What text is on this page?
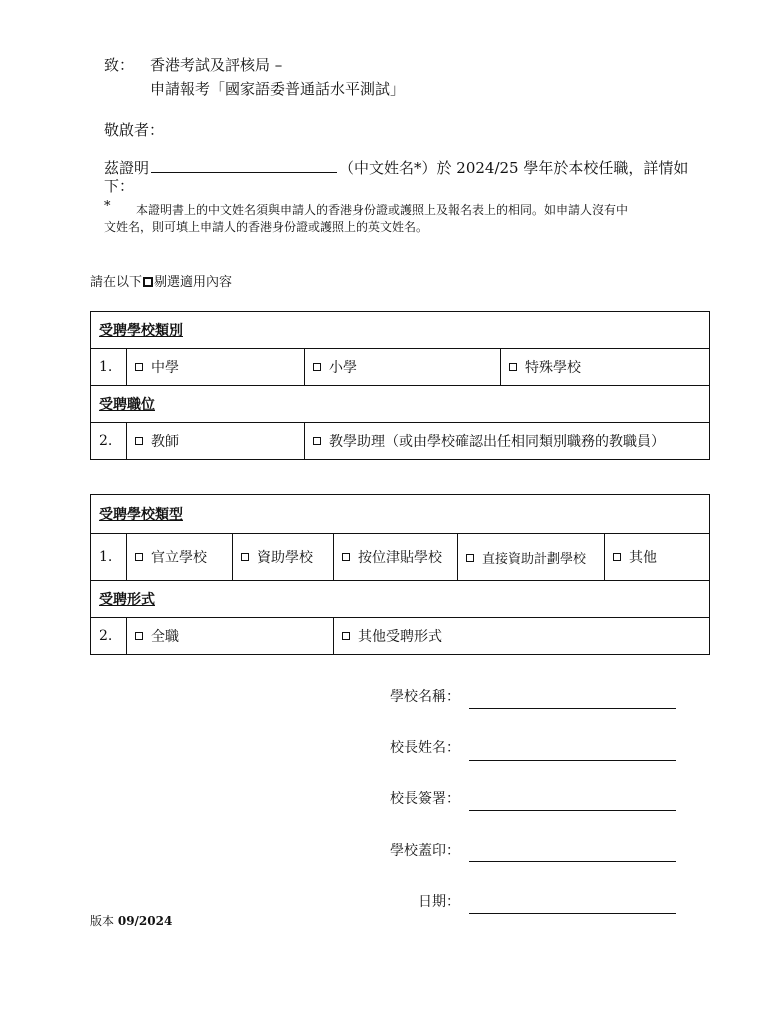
致： 香港考試及評核局 –
申請報考「國家語委普通話水平測試」
敬啟者：
茲證明	（中文姓名*）於 2024/25 學年於本校任職，詳情如
下：
* 本證明書上的中文姓名須與申請人的香港身份證或護照上及報名表上的相同。如申請人沒有中
文姓名，則可填上申請人的香港身份證或護照上的英文姓名。
請在以下 剔選適用內容
受聘學校類別			
1.	中學	小學	特殊學校
受聘職位			
2.	教師	教學助理（或由學校確認出任相同類別職務的教職員）	
受聘學校類型					
1.	官立學校	資助學校	按位津貼學校	直接資助計劃學校	其他
受聘形式					
2.	全職		其他受聘形式		
學校名稱：
校長姓名：
校長簽署：
學校蓋印：
日期：
版本 09/2024
